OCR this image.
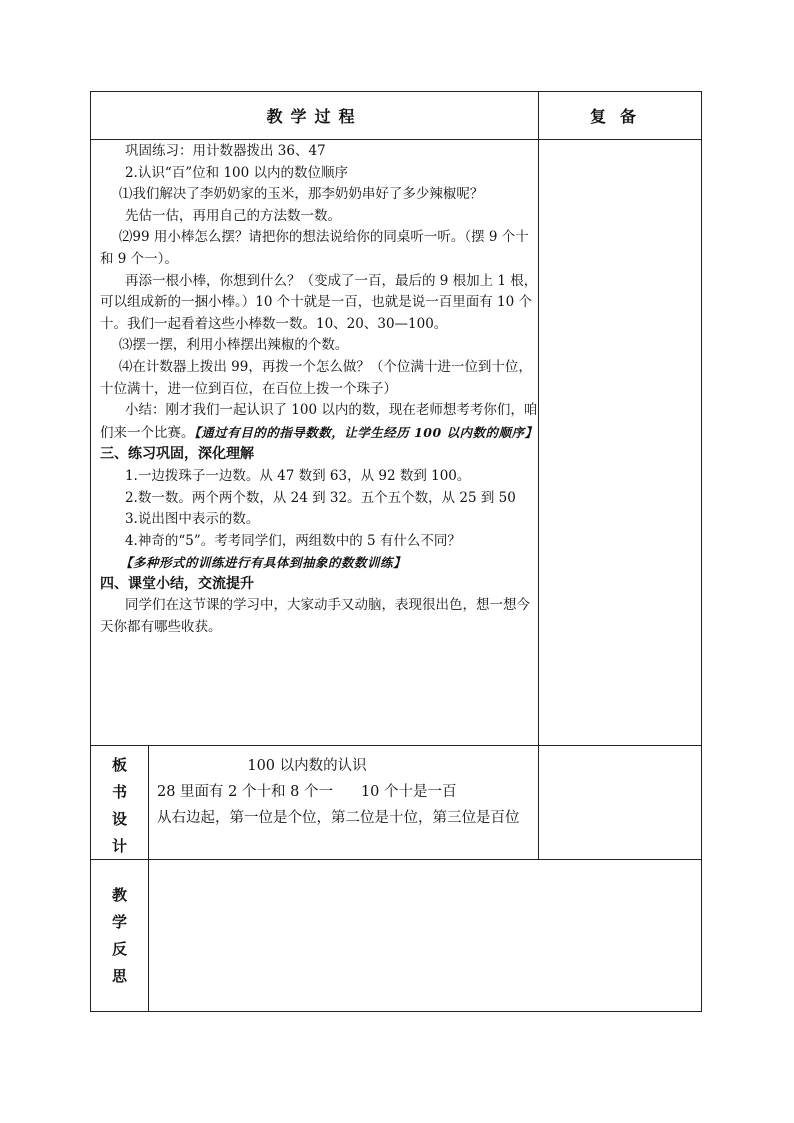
教学过程	复备

巩固练习：用计数器拨出 36、47

2.认识“百”位和 100 以内的数位顺序

⑴我们解决了李奶奶家的玉米，那李奶奶串好了多少辣椒呢？

先估一估，再用自己的方法数一数。

⑵99 用小棒怎么摆？请把你的想法说给你的同桌听一听。（摆 9 个十和 9 个一）。

再添一根小棒，你想到什么？（变成了一百，最后的 9 根加上 1 根，可以组成新的一捆小棒。）10 个十就是一百，也就是说一百里面有 10 个十。我们一起看着这些小棒数一数。10、20、30—100。

⑶摆一摆，利用小棒摆出辣椒的个数。

⑷在计数器上拨出 99，再拨一个怎么做？（个位满十进一位到十位，十位满十，进一位到百位，在百位上拨一个珠子）

小结：刚才我们一起认识了 100 以内的数，现在老师想考考你们，咱们来一个比赛。【通过有目的的指导数数，让学生经历 100 以内数的顺序】

三、练习巩固，深化理解

1.一边拨珠子一边数。从 47 数到 63，从 92 数到 100。

2.数一数。两个两个数，从 24 到 32。五个五个数，从 25 到 50

3.说出图中表示的数。

4.神奇的“5”。考考同学们，两组数中的 5 有什么不同？

【多种形式的训练进行有具体到抽象的数数训练】

四、课堂小结，交流提升

同学们在这节课的学习中，大家动手又动脑，表现很出色，想一想今天你都有哪些收获。

板
书
设
计

100 以内数的认识

28 里面有 2 个十和 8 个一 10 个十是一百

从右边起，第一位是个位，第二位是十位，第三位是百位

教
学
反
思
